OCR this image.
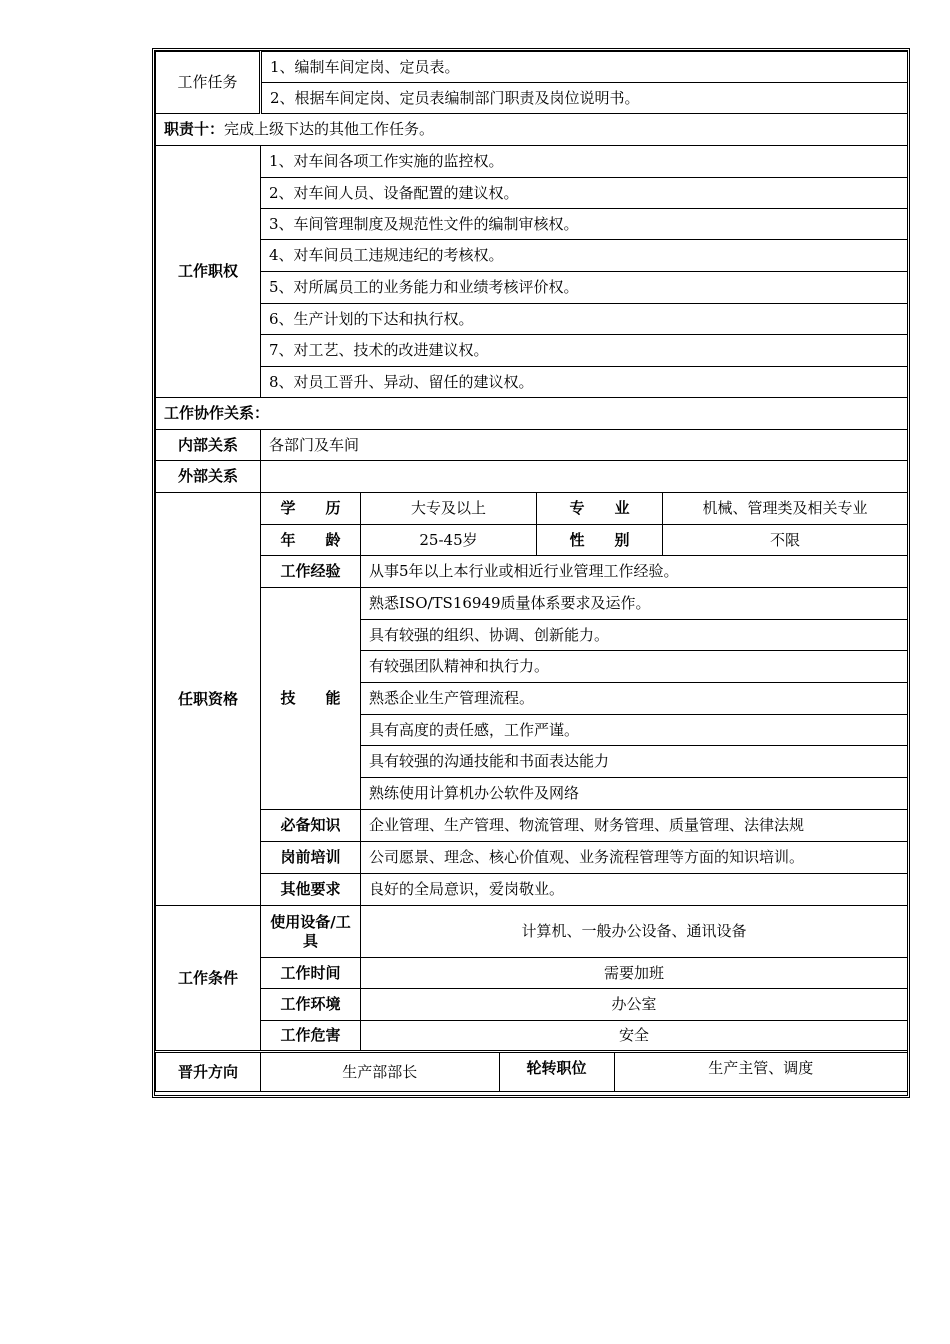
工作任务	1、编制车间定岗、定员表。
2、根据车间定岗、定员表编制部门职责及岗位说明书。
职责十：完成上级下达的其他工作任务。
工作职权	1、对车间各项工作实施的监控权。
2、对车间人员、设备配置的建议权。
3、车间管理制度及规范性文件的编制审核权。
4、对车间员工违规违纪的考核权。
5、对所属员工的业务能力和业绩考核评价权。
6、生产计划的下达和执行权。
7、对工艺、技术的改进建议权。
8、对员工晋升、异动、留任的建议权。
工作协作关系：
内部关系	各部门及车间
外部关系	
任职资格	学　　历	大专及以上	专　　业	机械、管理类及相关专业
年　　龄	25-45岁	性　　别	不限
工作经验	从事5年以上本行业或相近行业管理工作经验。
技　　能	熟悉ISO/TS16949质量体系要求及运作。
具有较强的组织、协调、创新能力。
有较强团队精神和执行力。
熟悉企业生产管理流程。
具有高度的责任感，工作严谨。
具有较强的沟通技能和书面表达能力
熟练使用计算机办公软件及网络
必备知识	企业管理、生产管理、物流管理、财务管理、质量管理、法律法规
岗前培训	公司愿景、理念、核心价值观、业务流程管理等方面的知识培训。
其他要求	良好的全局意识，爱岗敬业。
工作条件	使用设备/工具	计算机、一般办公设备、通讯设备
工作时间	需要加班
工作环境	办公室
工作危害	安全
晋升方向		生产部部长	轮转职位	生产主管、调度
